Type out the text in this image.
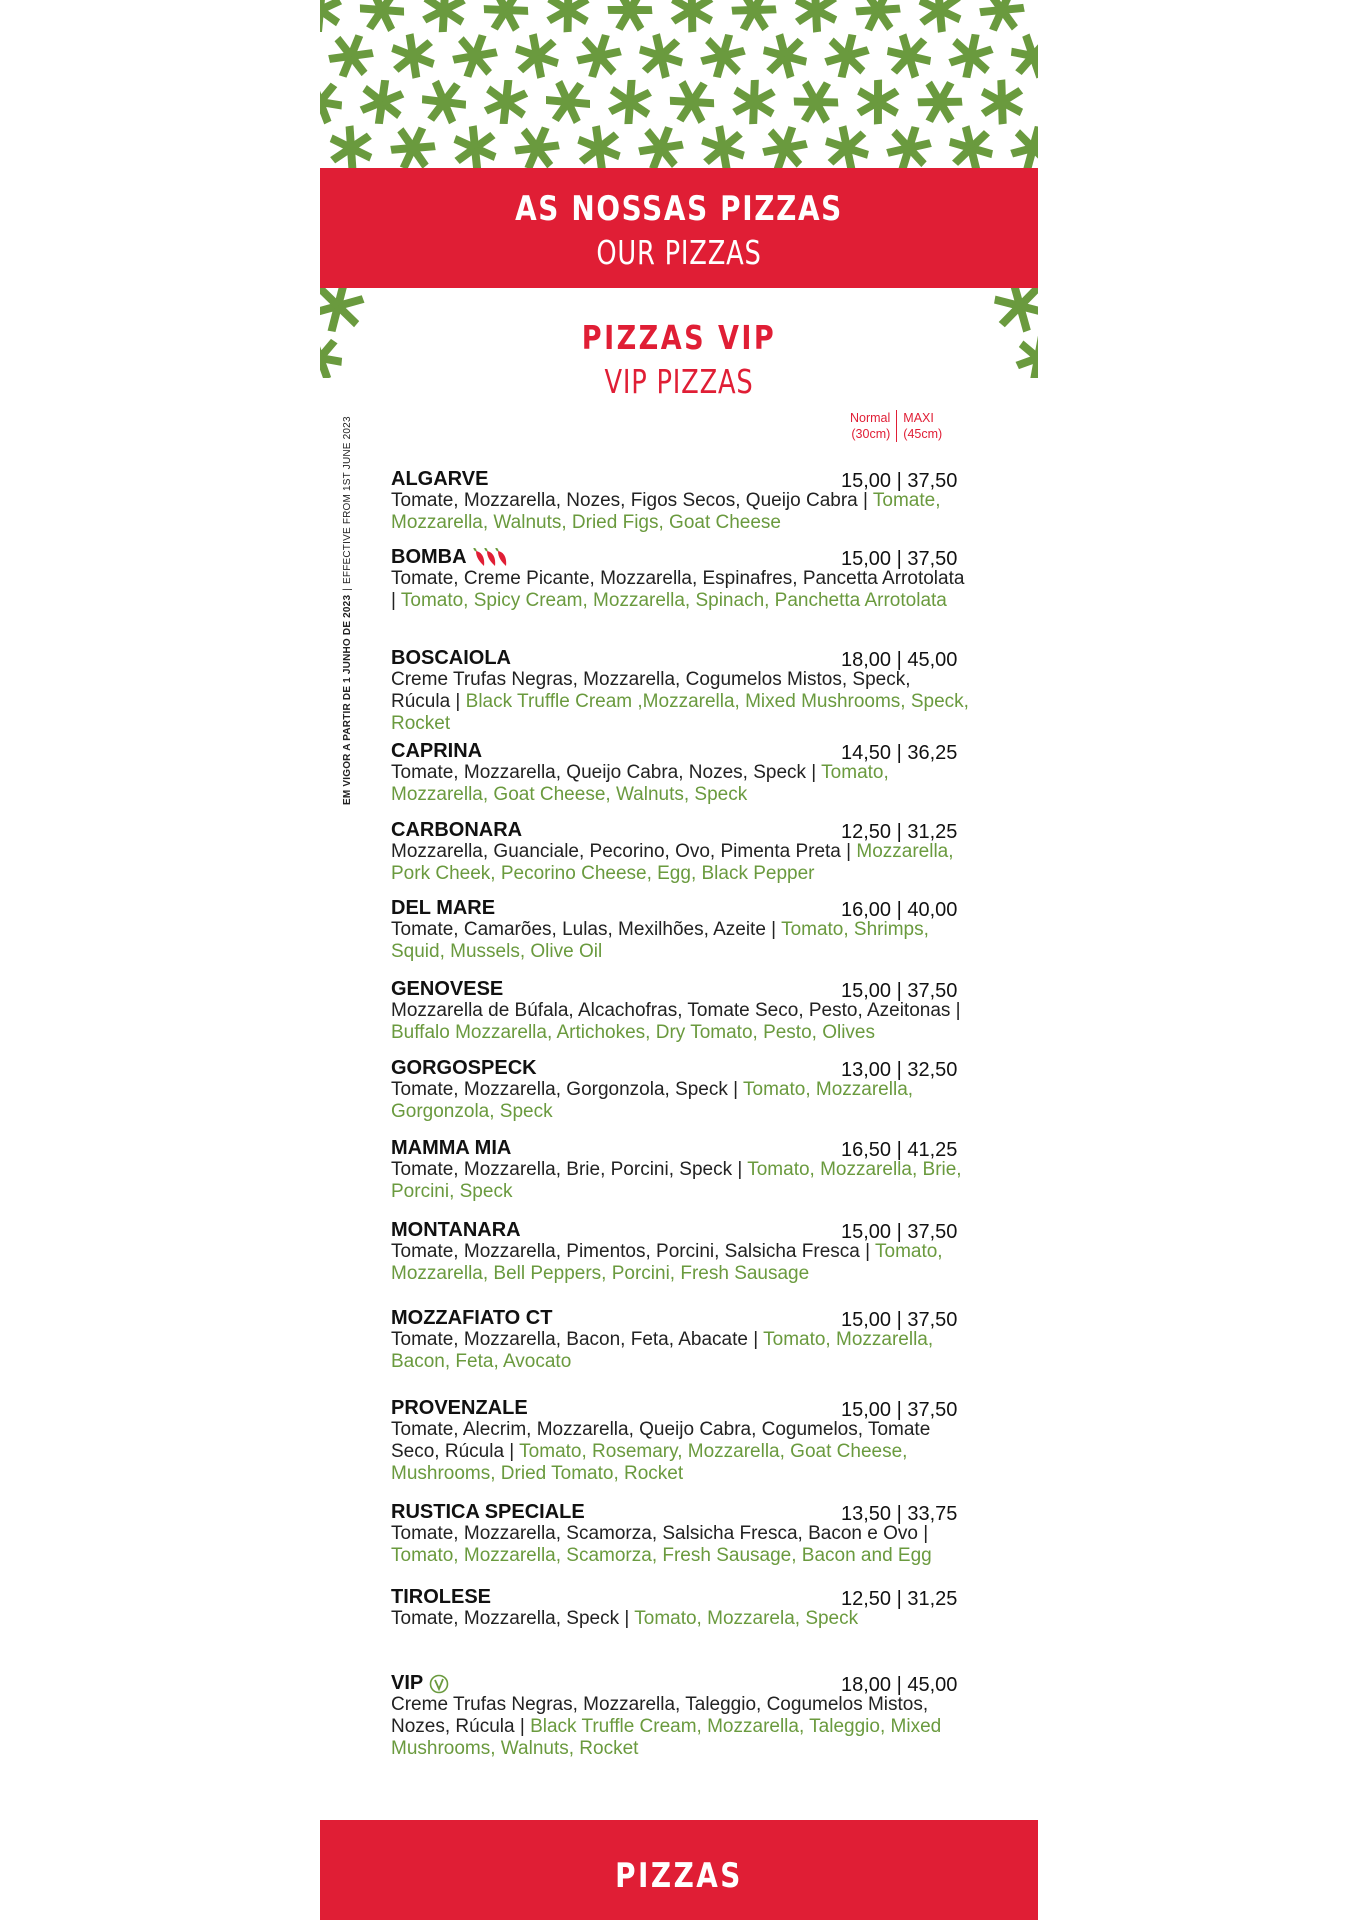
AS NOSSAS PIZZAS
OUR PIZZAS
PIZZAS VIP
VIP PIZZAS
Normal
(30cm)
MAXI
(45cm)
EM VIGOR A PARTIR DE 1 JUNHO DE 2023|EFFECTIVE FROM 1ST JUNE 2023 ALGARVE	15,00 | 37,50
Tomate, Mozzarella, Nozes, Figos Secos, Queijo Cabra | Tomate, Mozzarella, Walnuts, Dried Figs, Goat Cheese
BOMBA	15,00 | 37,50
Tomate, Creme Picante, Mozzarella, Espinafres, Pancetta Arrotolata | Tomato, Spicy Cream, Mozzarella, Spinach, Panchetta Arrotolata
BOSCAIOLA	18,00 | 45,00
Creme Trufas Negras, Mozzarella, Cogumelos Mistos, Speck, Rúcula | Black Truffle Cream ,Mozzarella, Mixed Mushrooms, Speck, Rocket
CAPRINA	14,50 | 36,25
Tomate, Mozzarella, Queijo Cabra, Nozes, Speck | Tomato, Mozzarella, Goat Cheese, Walnuts, Speck
CARBONARA	12,50 | 31,25
Mozzarella, Guanciale, Pecorino, Ovo, Pimenta Preta | Mozzarella, Pork Cheek, Pecorino Cheese, Egg, Black Pepper
DEL MARE	16,00 | 40,00
Tomate, Camarões, Lulas, Mexilhões, Azeite | Tomato, Shrimps, Squid, Mussels, Olive Oil
GENOVESE	15,00 | 37,50
Mozzarella de Búfala, Alcachofras, Tomate Seco, Pesto, Azeitonas | Buffalo Mozzarella, Artichokes, Dry Tomato, Pesto, Olives
GORGOSPECK	13,00 | 32,50
Tomate, Mozzarella, Gorgonzola, Speck | Tomato, Mozzarella, Gorgonzola, Speck
MAMMA MIA	16,50 | 41,25
Tomate, Mozzarella, Brie, Porcini, Speck | Tomato, Mozzarella, Brie, Porcini, Speck
MONTANARA	15,00 | 37,50
Tomate, Mozzarella, Pimentos, Porcini, Salsicha Fresca | Tomato, Mozzarella, Bell Peppers, Porcini, Fresh Sausage
MOZZAFIATO CT	15,00 | 37,50
Tomate, Mozzarella, Bacon, Feta, Abacate | Tomato, Mozzarella, Bacon, Feta, Avocato
PROVENZALE	15,00 | 37,50
Tomate, Alecrim, Mozzarella, Queijo Cabra, Cogumelos, Tomate Seco, Rúcula | Tomato, Rosemary, Mozzarella, Goat Cheese, Mushrooms, Dried Tomato, Rocket
RUSTICA SPECIALE	13,50 | 33,75
Tomate, Mozzarella, Scamorza, Salsicha Fresca, Bacon e Ovo | Tomato, Mozzarella, Scamorza, Fresh Sausage, Bacon and Egg
TIROLESE	12,50 | 31,25
Tomate, Mozzarella, Speck | Tomato, Mozzarela, Speck
VIP	18,00 | 45,00
Creme Trufas Negras, Mozzarella, Taleggio, Cogumelos Mistos, Nozes, Rúcula | Black Truffle Cream, Mozzarella, Taleggio, Mixed Mushrooms, Walnuts, Rocket
PIZZAS
